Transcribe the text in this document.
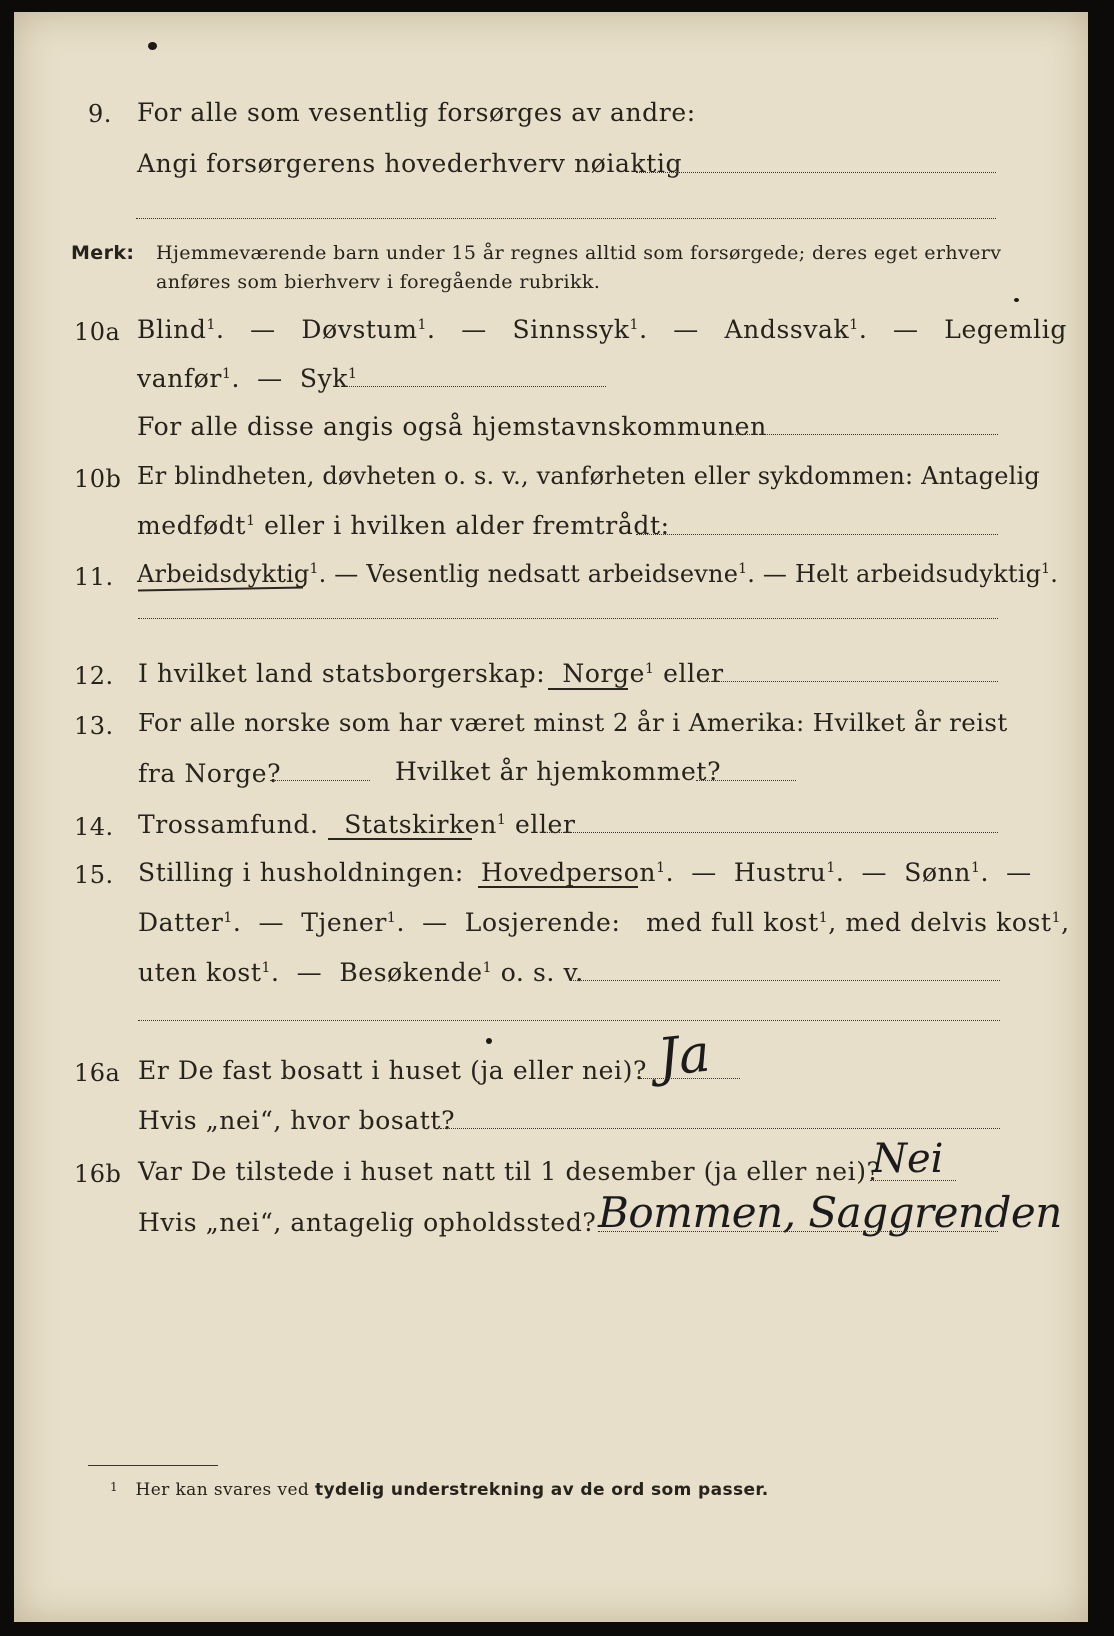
9. For alle som vesentlig forsørges av andre:
Angi forsørgerens hovederhverv nøiaktig
Merk: Hjemmeværende barn under 15 år regnes alltid som forsørgede; deres eget erhverv
anføres som bierhverv i foregående rubrikk.
10a Blind$^1$. — Døvstum$^1$. — Sinnssyk$^1$. — Andssvak$^1$. — Legemlig
vanfør$^1$. — Syk$^1$
For alle disse angis også hjemstavnskommunen
10b Er blindheten, døvheten o. s. v., vanførheten eller sykdommen: Antagelig
medfødt$^1$ eller i hvilken alder fremtrådt:
11. Arbeidsdyktig$^1$. — Vesentlig nedsatt arbeidsevne$^1$. — Helt arbeidsudyktig$^1$.
12. I hvilket land statsborgerskap: Norge$^1$ eller
13. For alle norske som har været minst 2 år i Amerika: Hvilket år reist
fra Norge?	Hvilket år hjemkommet?
14. Trossamfund. Statskirken$^1$ eller
15. Stilling i husholdningen: Hovedperson$^1$. — Hustru$^1$. — Sønn$^1$. —
Datter$^1$. — Tjener$^1$. — Losjerende: med full kost$^1$, med delvis kost$^1$,
uten kost$^1$. — Besøkende$^1$ o. s. v.
16a Er De fast bosatt i huset (ja eller nei)? Ja
Hvis „nei“, hvor bosatt?
16b Var De tilstede i huset natt til 1 desember (ja eller nei)?
Nei
Hvis „nei“, antagelig opholdssted? Bommen, Saggrenden
$^1$ Her kan svares ved tydelig understrekning av de ord som passer.
